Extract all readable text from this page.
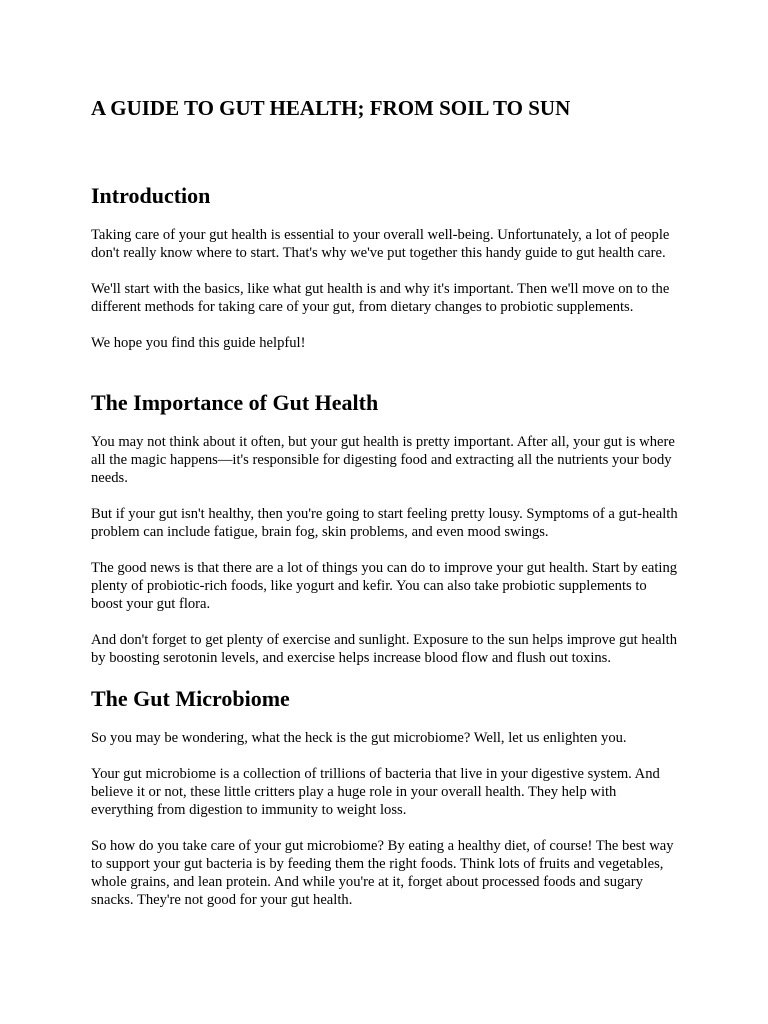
A GUIDE TO GUT HEALTH; FROM SOIL TO SUN
Introduction

Taking care of your gut health is essential to your overall well-being. Unfortunately, a lot of people don't really know where to start. That's why we've put together this handy guide to gut health care.

We'll start with the basics, like what gut health is and why it's important. Then we'll move on to the different methods for taking care of your gut, from dietary changes to probiotic supplements.

We hope you find this guide helpful!

The Importance of Gut Health

You may not think about it often, but your gut health is pretty important. After all, your gut is where all the magic happens—it's responsible for digesting food and extracting all the nutrients your body needs.

But if your gut isn't healthy, then you're going to start feeling pretty lousy. Symptoms of a gut-health problem can include fatigue, brain fog, skin problems, and even mood swings.

The good news is that there are a lot of things you can do to improve your gut health. Start by eating plenty of probiotic-rich foods, like yogurt and kefir. You can also take probiotic supplements to boost your gut flora.

And don't forget to get plenty of exercise and sunlight. Exposure to the sun helps improve gut health by boosting serotonin levels, and exercise helps increase blood flow and flush out toxins.

The Gut Microbiome

So you may be wondering, what the heck is the gut microbiome? Well, let us enlighten you.

Your gut microbiome is a collection of trillions of bacteria that live in your digestive system. And believe it or not, these little critters play a huge role in your overall health. They help with everything from digestion to immunity to weight loss.

So how do you take care of your gut microbiome? By eating a healthy diet, of course! The best way to support your gut bacteria is by feeding them the right foods. Think lots of fruits and vegetables, whole grains, and lean protein. And while you're at it, forget about processed foods and sugary snacks. They're not good for your gut health.
